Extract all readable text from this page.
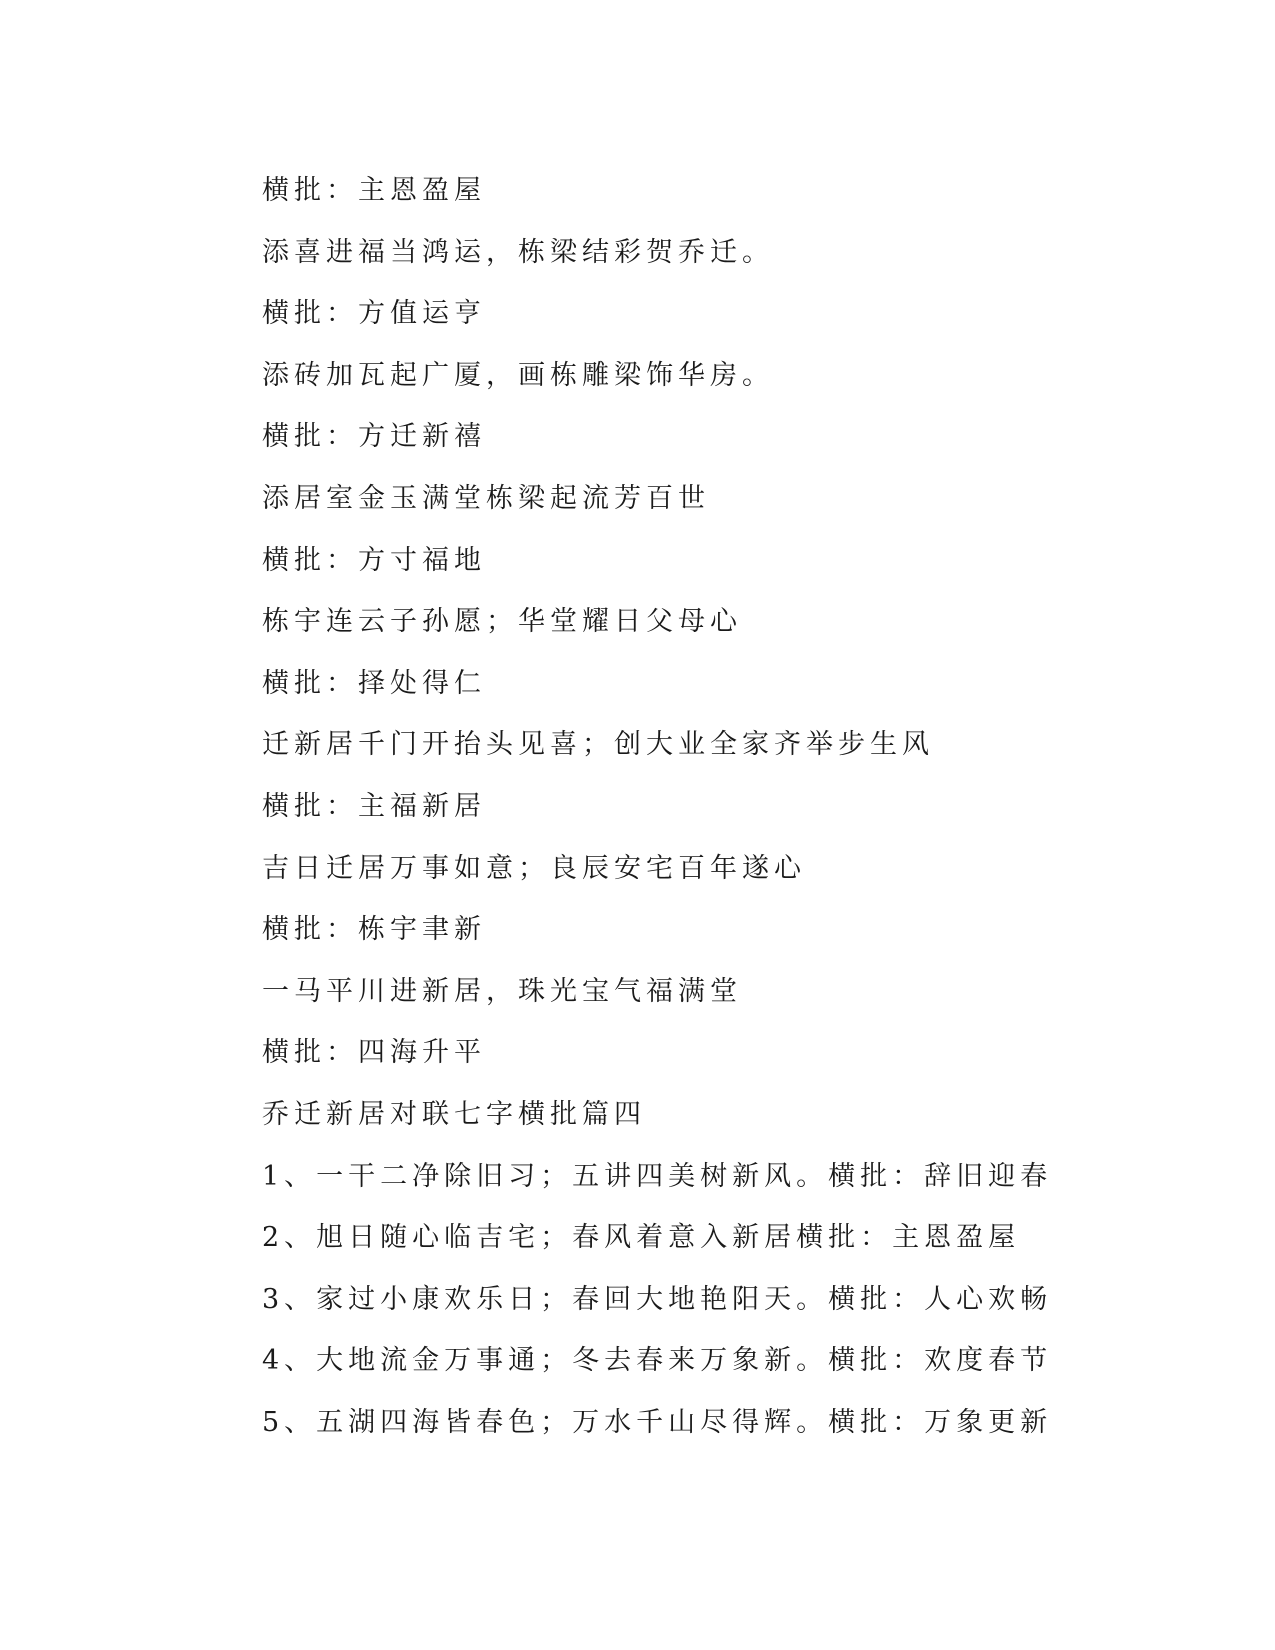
横批：主恩盈屋
添喜进福当鸿运，栋梁结彩贺乔迁。
横批：方值运亨
添砖加瓦起广厦，画栋雕梁饰华房。
横批：方迁新禧
添居室金玉满堂栋梁起流芳百世
横批：方寸福地
栋宇连云子孙愿；华堂耀日父母心
横批：择处得仁
迁新居千门开抬头见喜；创大业全家齐举步生风
横批：主福新居
吉日迁居万事如意；良辰安宅百年遂心
横批：栋宇聿新
一马平川进新居，珠光宝气福满堂
横批：四海升平
乔迁新居对联七字横批篇四
1、一干二净除旧习；五讲四美树新风。横批：辞旧迎春
2、旭日随心临吉宅；春风着意入新居横批：主恩盈屋
3、家过小康欢乐日；春回大地艳阳天。横批：人心欢畅
4、大地流金万事通；冬去春来万象新。横批：欢度春节
5、五湖四海皆春色；万水千山尽得辉。横批：万象更新
